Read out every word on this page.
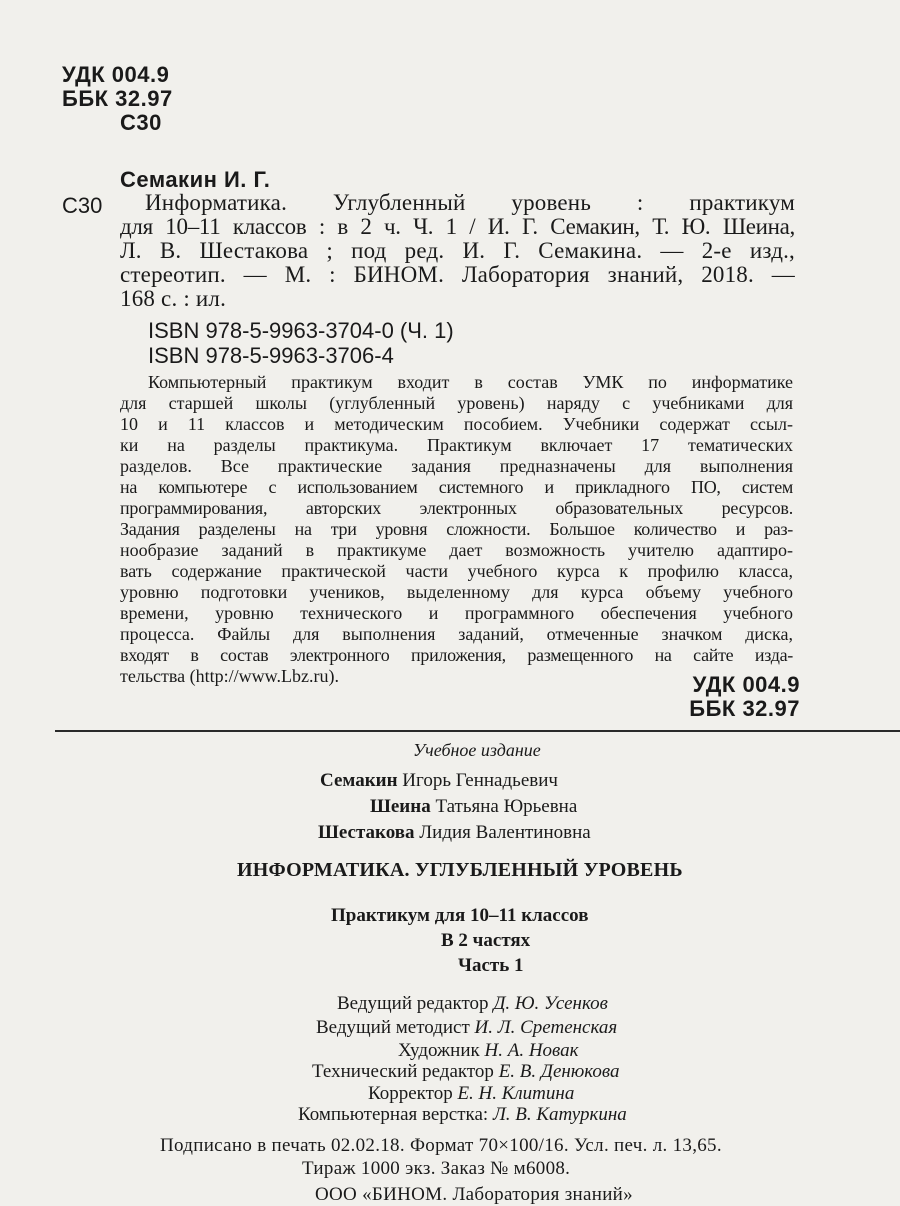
УДК 004.9
ББК 32.97
С30
Семакин И. Г.
С30 Информатика. Углубленный уровень : практикум
для 10–11 классов : в 2 ч. Ч. 1 / И. Г. Семакин, Т. Ю. Шеина,
Л. В. Шестакова ; под ред. И. Г. Семакина. — 2-е изд.,
стереотип. — М. : БИНОМ. Лаборатория знаний, 2018. —
168 с. : ил.
ISBN 978-5-9963-3704-0 (Ч. 1)
ISBN 978-5-9963-3706-4
Компьютерный практикум входит в состав УМК по информатике
для старшей школы (углубленный уровень) наряду с учебниками для
10 и 11 классов и методическим пособием. Учебники содержат ссыл-
ки на разделы практикума. Практикум включает 17 тематических
разделов. Все практические задания предназначены для выполнения
на компьютере с использованием системного и прикладного ПО, систем
программирования, авторских электронных образовательных ресурсов.
Задания разделены на три уровня сложности. Большое количество и раз-
нообразие заданий в практикуме дает возможность учителю адаптиро-
вать содержание практической части учебного курса к профилю класса,
уровню подготовки учеников, выделенному для курса объему учебного
времени, уровню технического и программного обеспечения учебного
процесса. Файлы для выполнения заданий, отмеченные значком диска,
входят в состав электронного приложения, размещенного на сайте изда-
тельства (http://www.Lbz.ru).	УДК 004.9
ББК 32.97
Учебное издание
Семакин Игорь Геннадьевич
Шеина Татьяна Юрьевна
Шестакова Лидия Валентиновна
ИНФОРМАТИКА. УГЛУБЛЕННЫЙ УРОВЕНЬ
Практикум для 10–11 классов
В 2 частях
Часть 1
Ведущий редактор Д. Ю. Усенков
Ведущий методист И. Л. Сретенская
Художник Н. А. Новак
Технический редактор Е. В. Денюкова
Корректор Е. Н. Клитина
Компьютерная верстка: Л. В. Катуркина
Подписано в печать 02.02.18. Формат 70×100/16. Усл. печ. л. 13,65.
Тираж 1000 экз. Заказ № м6008.
ООО «БИНОМ. Лаборатория знаний»
